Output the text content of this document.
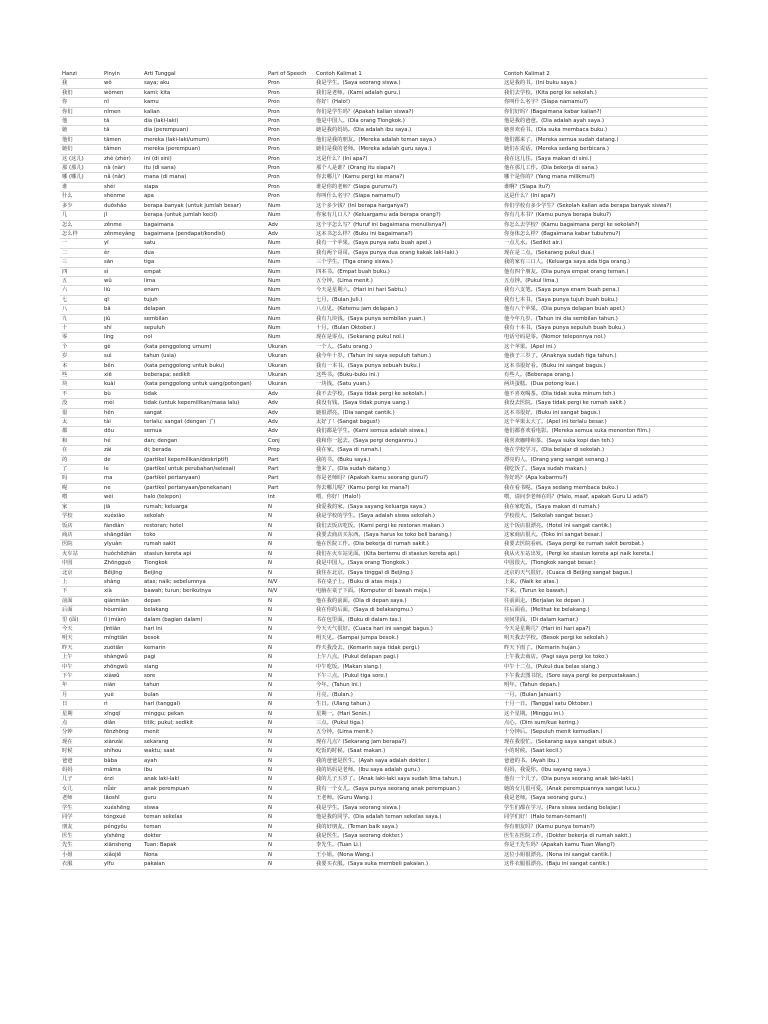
Hanzi	Pinyin	Arti Tunggal	Part of Speech	Contoh Kalimat 1	Contoh Kalimat 2
我	wǒ	saya; aku	Pron	我是学生。(Saya seorang siswa.)	这是我的书。(Ini buku saya.)
我们	wǒmen	kami; kita	Pron	我们是老师。(Kami adalah guru.)	我们去学校。(Kita pergi ke sekolah.)
你	nǐ	kamu	Pron	你好！(Halo!)	你叫什么名字？(Siapa namamu?)
你们	nǐmen	kalian	Pron	你们是学生吗？(Apakah kalian siswa?)	你们好吗？(Bagaimana kabar kalian?)
他	tā	dia (laki-laki)	Pron	他是中国人。(Dia orang Tiongkok.)	他是我的爸爸。(Dia adalah ayah saya.)
她	tā	dia (perempuan)	Pron	她是我的妈妈。(Dia adalah ibu saya.)	她喜欢看书。(Dia suka membaca buku.)
他们	tāmen	mereka (laki-laki/umum)	Pron	他们是我的朋友。(Mereka adalah teman saya.)	他们都来了。(Mereka semua sudah datang.)
她们	tāmen	mereka (perempuan)	Pron	她们是我的老师。(Mereka adalah guru saya.)	她们在说话。(Mereka sedang berbicara.)
这 (这儿)	zhè (zhèr)	ini (di sini)	Pron	这是什么？(Ini apa?)	我在这儿住。(Saya makan di sini.)
那 (那儿)	nà (nàr)	itu (di sana)	Pron	那个人是谁？(Orang itu siapa?)	他在那儿工作。(Dia bekerja di sana.)
哪 (哪儿)	nǎ (nǎr)	mana (di mana)	Pron	你去哪儿？(Kamu pergi ke mana?)	哪个是你的？(Yang mana milikmu?)
谁	shéi	siapa	Pron	谁是你的老师？(Siapa gurumu?)	谁啊？(Siapa itu?)
什么	shénme	apa	Pron	你叫什么名字？(Siapa namamu?)	这是什么？(Ini apa?)
多少	duōshǎo	berapa banyak (untuk jumlah besar)	Num	这个多少钱？(Ini berapa harganya?)	你们学校有多少学生？(Sekolah kalian ada berapa banyak siswa?)
几	jǐ	berapa (untuk jumlah kecil)	Num	你家有几口人？(Keluargamu ada berapa orang?)	你有几本书？(Kamu punya berapa buku?)
怎么	zěnme	bagaimana	Adv	这个字怎么写？(Huruf ini bagaimana menulisnya?)	你怎么去学校？(Kamu bagaimana pergi ke sekolah?)
怎么样	zěnmeyàng	bagaimana (pendapat/kondisi)	Adv	这本书怎么样？(Buku ini bagaimana?)	你身体怎么样？(Bagaimana kabar tubuhmu?)
一	yī	satu	Num	我有一个苹果。(Saya punya satu buah apel.)	一点儿水。(Sedikit air.)
二	èr	dua	Num	我有两个哥哥。(Saya punya dua orang kakak laki-laki.)	现在是二点。(Sekarang pukul dua.)
三	sān	tiga	Num	三个学生。(Tiga orang siswa.)	我的家有三口人。(Keluarga saya ada tiga orang.)
四	sì	empat	Num	四本书。(Empat buah buku.)	他有四个朋友。(Dia punya empat orang teman.)
五	wǔ	lima	Num	五分钟。(Lima menit.)	五点钟。(Pukul lima.)
六	liù	enam	Num	今天是星期六。(Hari ini hari Sabtu.)	我有六支笔。(Saya punya enam buah pena.)
七	qī	tujuh	Num	七月。(Bulan Juli.)	我有七本书。(Saya punya tujuh buah buku.)
八	bā	delapan	Num	八点见。(Ketemu jam delapan.)	他有八个苹果。(Dia punya delapan buah apel.)
九	jiǔ	sembilan	Num	我有九块钱。(Saya punya sembilan yuan.)	他今年九岁。(Tahun ini dia sembilan tahun.)
十	shí	sepuluh	Num	十月。(Bulan Oktober.)	我有十本书。(Saya punya sepuluh buah buku.)
零	líng	nol	Num	现在是零点。(Sekarang pukul nol.)	电话号码是零。(Nomor teleponnya nol.)
个	gè	(kata penggolong umum)	Ukuran	一个人。(Satu orang.)	这个苹果。(Apel ini.)
岁	suì	tahun (usia)	Ukuran	我今年十岁。(Tahun ini saya sepuluh tahun.)	他孩子三岁了。(Anaknya sudah tiga tahun.)
本	běn	(kata penggolong untuk buku)	Ukuran	我有一本书。(Saya punya sebuah buku.)	这本书很好看。(Buku ini sangat bagus.)
些	xiē	beberapa; sedikit	Ukuran	这些书。(Buku-buku ini.)	有些人。(Beberapa orang.)
块	kuài	(kata penggolong untuk uang/potongan)	Ukuran	一块钱。(Satu yuan.)	两块蛋糕。(Dua potong kue.)
不	bù	tidak	Adv	我不去学校。(Saya tidak pergi ke sekolah.)	他不喜欢喝茶。(Dia tidak suka minum teh.)
没	méi	tidak (untuk kepemilikan/masa lalu)	Adv	我没有钱。(Saya tidak punya uang.)	我没去医院。(Saya tidak pergi ke rumah sakit.)
很	hěn	sangat	Adv	她很漂亮。(Dia sangat cantik.)	这本书很好。(Buku ini sangat bagus.)
太	tài	terlalu; sangat (dengan 了)	Adv	太好了！(Sangat bagus!)	这个苹果太大了。(Apel ini terlalu besar.)
都	dōu	semua	Adv	我们都是学生。(Kami semua adalah siswa.)	他们都喜欢看电影。(Mereka semua suka menonton film.)
和	hé	dan; dengan	Conj	我和你一起去。(Saya pergi denganmu.)	我喜欢咖啡和茶。(Saya suka kopi dan teh.)
在	zài	di; berada	Prep	我在家。(Saya di rumah.)	他在学校学习。(Dia belajar di sekolah.)
的	de	(partikel kepemilikan/deskriptif)	Part	我的书。(Buku saya.)	漂亮的人。(Orang yang sangat senang.)
了	le	(partikel untuk perubahan/selesai)	Part	他来了。(Dia sudah datang.)	我吃饭了。(Saya sudah makan.)
吗	ma	(partikel pertanyaan)	Part	你是老师吗？(Apakah kamu seorang guru?)	你好吗？(Apa kabarmu?)
呢	ne	(partikel pertanyaan/penekanan)	Part	你去哪儿呢？(Kamu pergi ke mana?)	我在看书呢。(Saya sedang membaca buku.)
喂	wèi	halo (telepon)	Int	喂，你好！(Halo!)	喂，请问李老师在吗？(Halo, maaf, apakah Guru Li ada?)
家	jiā	rumah; keluarga	N	我爱我的家。(Saya sayang keluarga saya.)	我在家吃饭。(Saya makan di rumah.)
学校	xuéxiào	sekolah	N	我是学校的学生。(Saya adalah siswa sekolah.)	学校很大。(Sekolah sangat besar.)
饭店	fàndiàn	restoran; hotel	N	我们去饭店吃饭。(Kami pergi ke restoran makan.)	这个饭店很漂亮。(Hotel ini sangat cantik.)
商店	shāngdiàn	toko	N	我要去商店买东西。(Saya harus ke toko beli barang.)	这家商店很大。(Toko ini sangat besar.)
医院	yīyuàn	rumah sakit	N	他在医院工作。(Dia bekerja di rumah sakit.)	我要去医院看病。(Saya pergi ke rumah sakit berobat.)
火车站	huǒchēzhàn	stasiun kereta api	N	我们在火车站见面。(Kita bertemu di stasiun kereta api.)	我从火车站出发。(Pergi ke stasiun kereta api naik kereta.)
中国	Zhōngguó	Tiongkok	N	我是中国人。(Saya orang Tiongkok.)	中国很大。(Tiongkok sangat besar.)
北京	Běijīng	Beijing	N	我住在北京。(Saya tinggal di Beijing.)	北京的天气很好。(Cuaca di Beijing sangat bagus.)
上	shàng	atas; naik; sebelumnya	N/V	书在桌子上。(Buku di atas meja.)	上来。(Naik ke atas.)
下	xià	bawah; turun; berikutnya	N/V	电脑在桌子下面。(Komputer di bawah meja.)	下来。(Turun ke bawah.)
前面	qiánmiàn	depan	N	他在我的前面。(Dia di depan saya.)	往前面走。(Berjalan ke depan.)
后面	hòumiàn	belakang	N	我在你的后面。(Saya di belakangmu.)	往后面看。(Melihat ke belakang.)
里 (面)	lǐ (miàn)	dalam (bagian dalam)	N	书在包里面。(Buku di dalam tas.)	房间里面。(Di dalam kamar.)
今天	jīntiān	hari ini	N	今天天气很好。(Cuaca hari ini sangat bagus.)	今天是星期几？(Hari ini hari apa?)
明天	míngtiān	besok	N	明天见。(Sampai jumpa besok.)	明天我去学校。(Besok pergi ke sekolah.)
昨天	zuótiān	kemarin	N	昨天我没去。(Kemarin saya tidak pergi.)	昨天下雨了。(Kemarin hujan.)
上午	shàngwǔ	pagi	N	上午八点。(Pukul delapan pagi.)	上午我去商店。(Pagi saya pergi ke toko.)
中午	zhōngwǔ	siang	N	中午吃饭。(Makan siang.)	中午十二点。(Pukul dua belas siang.)
下午	xiàwǔ	sore	N	下午三点。(Pukul tiga sore.)	下午我去图书馆。(Sore saya pergi ke perpustakaan.)
年	nián	tahun	N	今年。(Tahun ini.)	明年。(Tahun depan.)
月	yuè	bulan	N	月亮。(Bulan.)	一月。(Bulan Januari.)
日	rì	hari (tanggal)	N	生日。(Ulang tahun.)	十月一日。(Tanggal satu Oktober.)
星期	xīngqī	minggu; pekan	N	星期一。(Hari Senin.)	这个星期。(Minggu ini.)
点	diǎn	titik; pukul; sedikit	N	三点。(Pukul tiga.)	点心。(Dim sum/kue kering.)
分钟	fēnzhōng	menit	N	五分钟。(Lima menit.)	十分钟后。(Sepuluh menit kemudian.)
现在	xiànzài	sekarang	N	现在几点？(Sekarang jam berapa?)	现在我很忙。(Sekarang saya sangat sibuk.)
时候	shíhou	waktu; saat	N	吃饭的时候。(Saat makan.)	小的时候。(Saat kecil.)
爸爸	bàba	ayah	N	我的爸爸是医生。(Ayah saya adalah dokter.)	爸爸的书。(Ayah ibu.)
妈妈	māma	ibu	N	我的妈妈是老师。(Ibu saya adalah guru.)	妈妈，我爱你。(Ibu sayang saya.)
儿子	érzi	anak laki-laki	N	我的儿子五岁了。(Anak laki-laki saya sudah lima tahun.)	他有一个儿子。(Dia punya seorang anak laki-laki.)
女儿	nǚér	anak perempuan	N	我有一个女儿。(Saya punya seorang anak perempuan.)	她的女儿很可爱。(Anak perempuannya sangat lucu.)
老师	lǎoshī	guru	N	王老师。(Guru Wang.)	我是老师。(Saya seorang guru.)
学生	xuéshēng	siswa	N	我是学生。(Saya seorang siswa.)	学生们都在学习。(Para siswa sedang belajar.)
同学	tóngxué	teman sekelas	N	他是我的同学。(Dia adalah teman sekelas saya.)	同学们好！(Halo teman-teman!)
朋友	péngyǒu	teman	N	我的好朋友。(Teman baik saya.)	你有朋友吗？(Kamu punya teman?)
医生	yīshēng	dokter	N	我是医生。(Saya seorang dokter.)	医生在医院工作。(Dokter bekerja di rumah sakit.)
先生	xiānsheng	Tuan; Bapak	N	李先生。(Tuan Li.)	你是王先生吗？(Apakah kamu Tuan Wang?)
小姐	xiǎojiě	Nona	N	王小姐。(Nona Wang.)	这位小姐很漂亮。(Nona ini sangat cantik.)
衣服	yīfu	pakaian	N	我要买衣服。(Saya suka membeli pakaian.)	这件衣服很漂亮。(Baju ini sangat cantik.)
